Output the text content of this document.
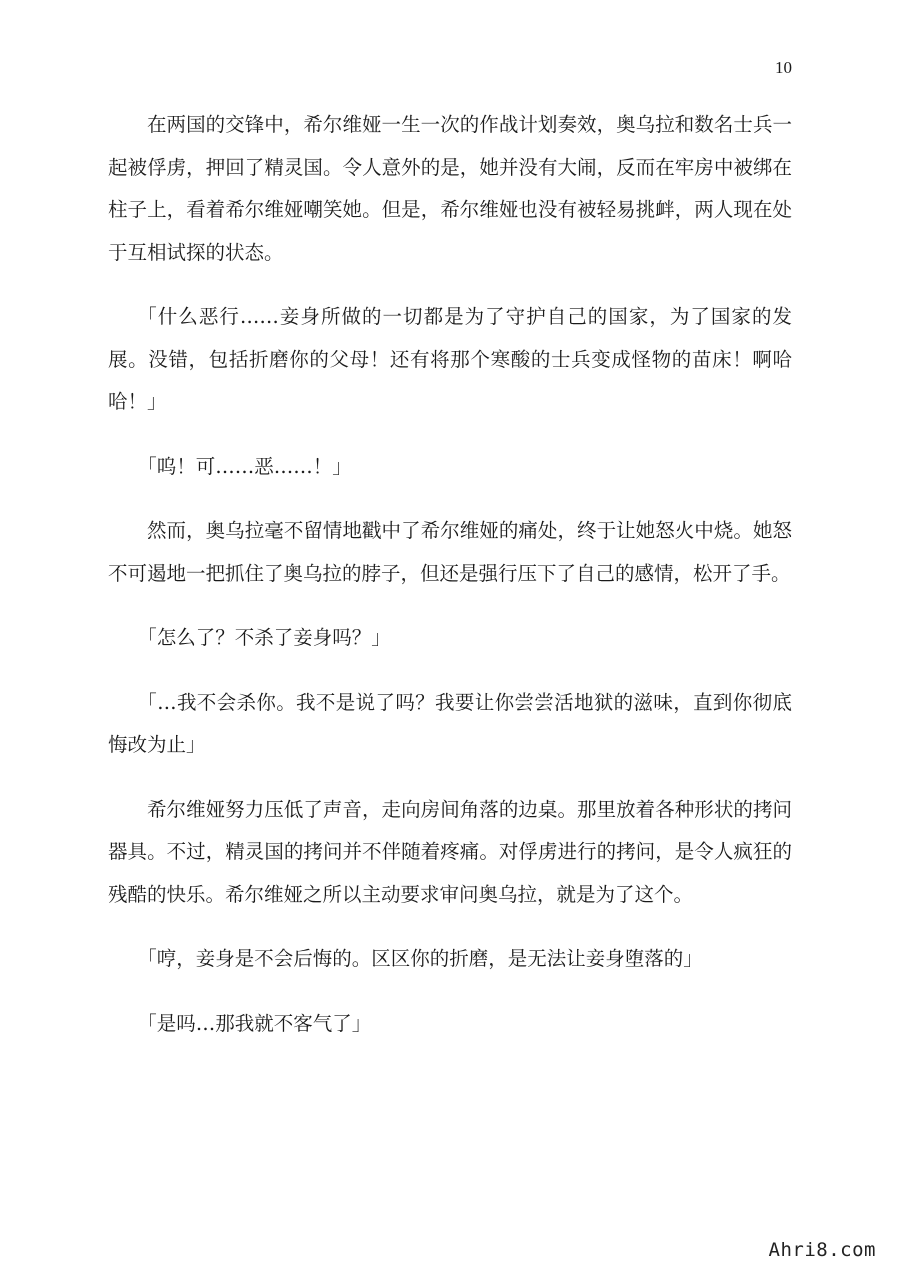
10

在两国的交锋中，希尔维娅一生一次的作战计划奏效，奥乌拉和数名士兵一起被俘虏，押回了精灵国。令人意外的是，她并没有大闹，反而在牢房中被绑在柱子上，看着希尔维娅嘲笑她。但是，希尔维娅也没有被轻易挑衅，两人现在处于互相试探的状态。

「什么恶行……妾身所做的一切都是为了守护自己的国家，为了国家的发展。没错，包括折磨你的父母！还有将那个寒酸的士兵变成怪物的苗床！啊哈哈！」

「呜！可……恶……！」

然而，奥乌拉毫不留情地戳中了希尔维娅的痛处，终于让她怒火中烧。她怒不可遏地一把抓住了奥乌拉的脖子，但还是强行压下了自己的感情，松开了手。

「怎么了？不杀了妾身吗？」

「…我不会杀你。我不是说了吗？我要让你尝尝活地狱的滋味，直到你彻底悔改为止」

希尔维娅努力压低了声音，走向房间角落的边桌。那里放着各种形状的拷问器具。不过，精灵国的拷问并不伴随着疼痛。对俘虏进行的拷问，是令人疯狂的残酷的快乐。希尔维娅之所以主动要求审问奥乌拉，就是为了这个。

「哼，妾身是不会后悔的。区区你的折磨，是无法让妾身堕落的」

「是吗…那我就不客气了」

Ahri8.com
